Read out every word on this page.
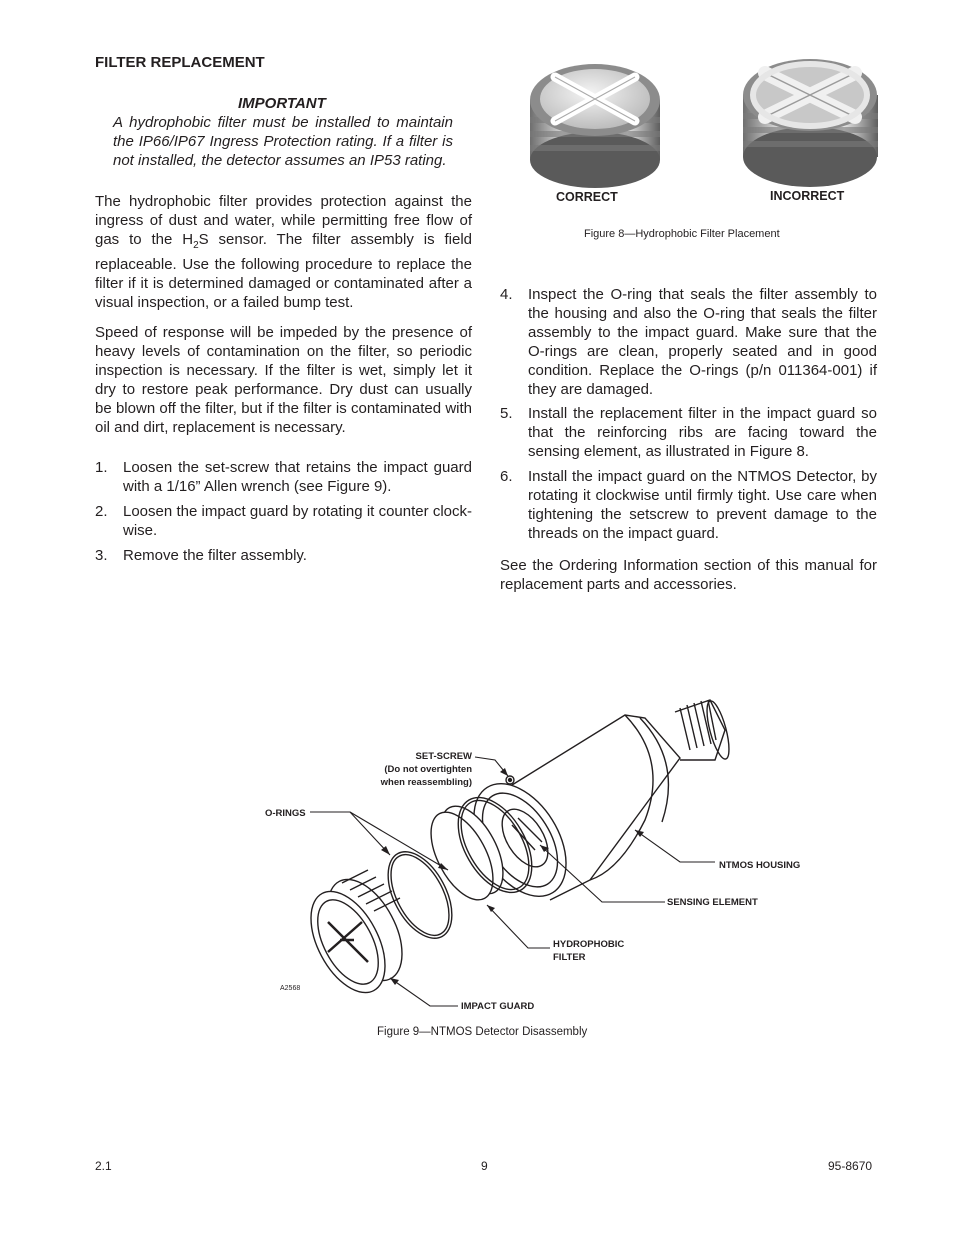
FILTER REPLACEMENT
IMPORTANT
A hydrophobic filter must be installed to maintain the IP66/IP67 Ingress Protection rating. If a filter is not installed, the detector assumes an IP53 rating.
The hydrophobic filter provides protection against the ingress of dust and water, while permitting free flow of gas to the $H_2S$ sensor. The filter assembly is field replaceable. Use the following procedure to replace the filter if it is determined damaged or contaminated after a visual inspection, or a failed bump test.
Speed of response will be impeded by the presence of heavy levels of contamination on the filter, so periodic inspection is necessary. If the filter is wet, simply let it dry to restore peak performance. Dry dust can usually be blown off the filter, but if the filter is contaminated with oil and dirt, replacement is necessary.
1. Loosen the set-screw that retains the impact guard with a 1/16” Allen wrench (see Figure 9).
2. Loosen the impact guard by rotating it counter clock-wise.
3. Remove the filter assembly.
CORRECT	INCORRECT
Figure 8—Hydrophobic Filter Placement
4. Inspect the O-ring that seals the filter assembly to the housing and also the O-ring that seals the filter assembly to the impact guard. Make sure that the O-rings are clean, properly seated and in good condition. Replace the O-rings (p/n 011364-001) if they are damaged.
5. Install the replacement filter in the impact guard so that the reinforcing ribs are facing toward the sensing element, as illustrated in Figure 8.
6. Install the impact guard on the NTMOS Detector, by rotating it clockwise until firmly tight. Use care when tightening the setscrew to prevent damage to the threads on the impact guard.
See the Ordering Information section of this manual for replacement parts and accessories.
SET-SCREW
(Do not overtighten
when reassembling)
O-RINGS
NTMOS HOUSING
SENSING ELEMENT
HYDROPHOBIC
FILTER
IMPACT GUARD
A2568
Figure 9—NTMOS Detector Disassembly
2.1	9	95-8670
